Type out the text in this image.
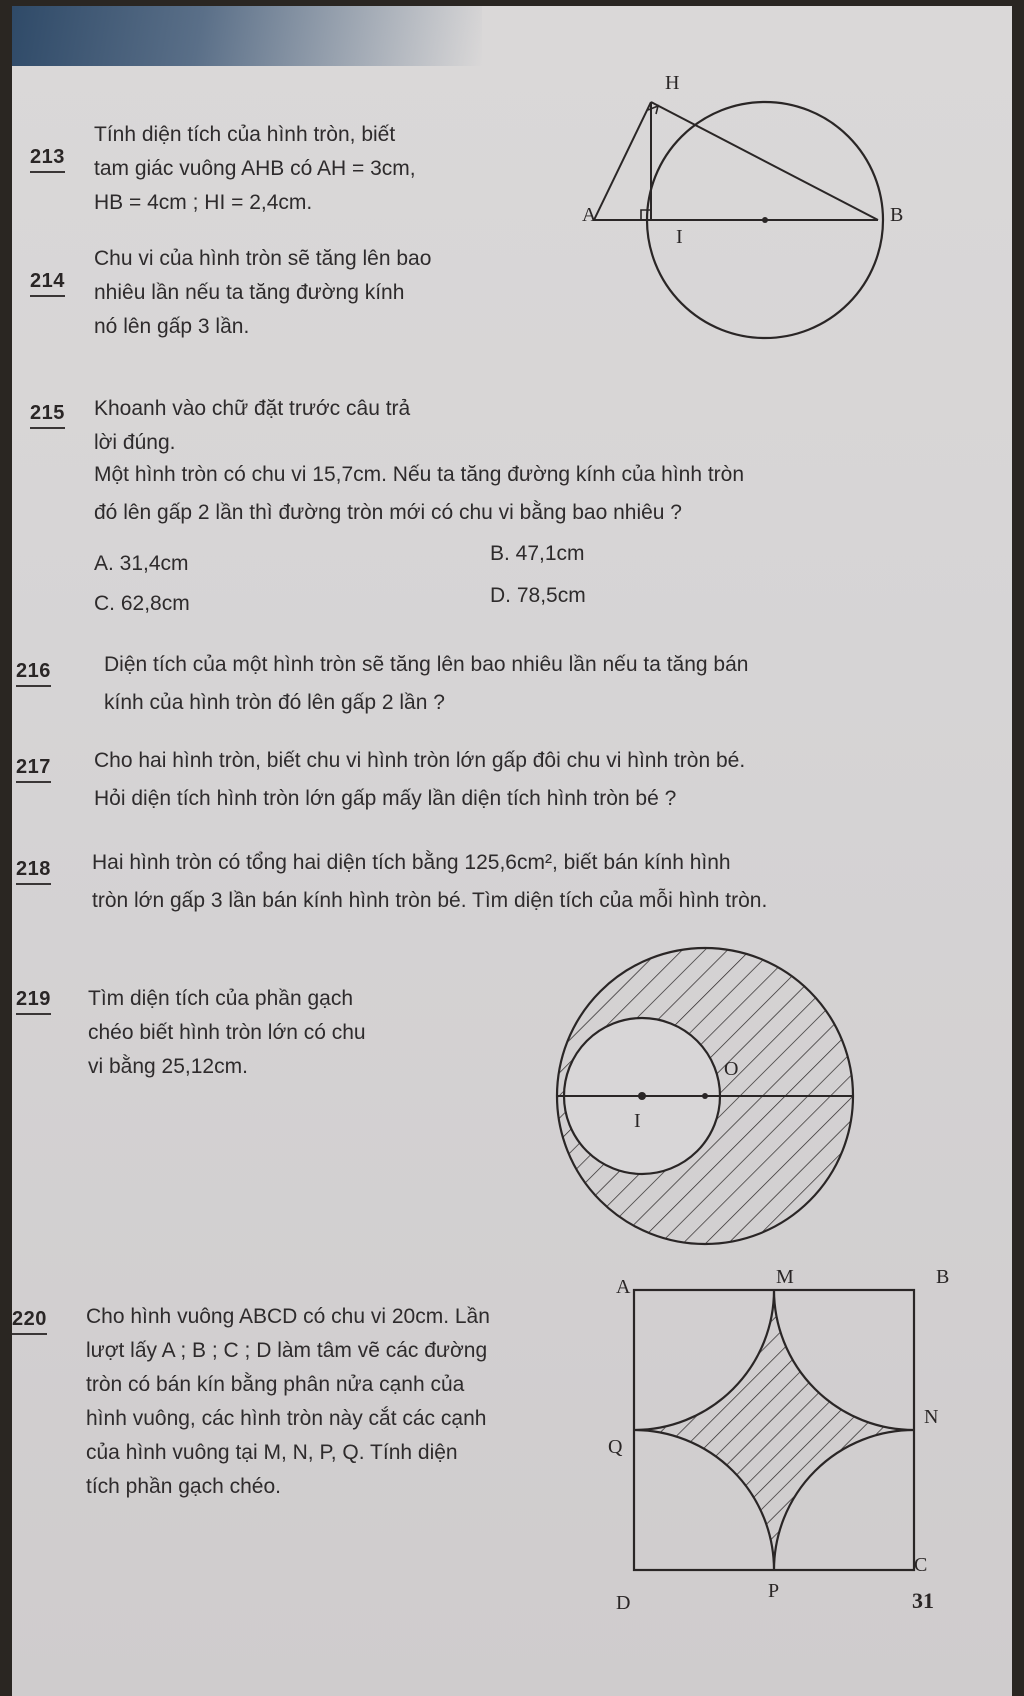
213
Tính diện tích của hình tròn, biết
tam giác vuông AHB có AH = 3cm,
HB = 4cm ; HI = 2,4cm.
H
A	B
I
214
Chu vi của hình tròn sẽ tăng lên bao
nhiêu lần nếu ta tăng đường kính
nó lên gấp 3 lần.
215 Khoanh vào chữ đặt trước câu trả
lời đúng.
Một hình tròn có chu vi 15,7cm. Nếu ta tăng đường kính của hình tròn
đó lên gấp 2 lần thì đường tròn mới có chu vi bằng bao nhiêu ?
A. 31,4cm	B. 47,1cm
C. 62,8cm	D. 78,5cm
216	Diện tích của một hình tròn sẽ tăng lên bao nhiêu lần nếu ta tăng bán
kính của hình tròn đó lên gấp 2 lần ?
217 Cho hai hình tròn, biết chu vi hình tròn lớn gấp đôi chu vi hình tròn bé.
Hỏi diện tích hình tròn lớn gấp mấy lần diện tích hình tròn bé ?
218 Hai hình tròn có tổng hai diện tích bằng 125,6cm², biết bán kính hình
tròn lớn gấp 3 lần bán kính hình tròn bé. Tìm diện tích của mỗi hình tròn.
219 Tìm diện tích của phần gạch
chéo biết hình tròn lớn có chu
vi bằng 25,12cm.	O
I
220 Cho hình vuông ABCD có chu vi 20cm. Lần
lượt lấy A ; B ; C ; D làm tâm vẽ các đường
tròn có bán kín bằng phân nửa cạnh của
hình vuông, các hình tròn này cắt các cạnh
của hình vuông tại M, N, P, Q. Tính diện
tích phần gạch chéo.
A	M	B
N
Q
C
P
D	31
